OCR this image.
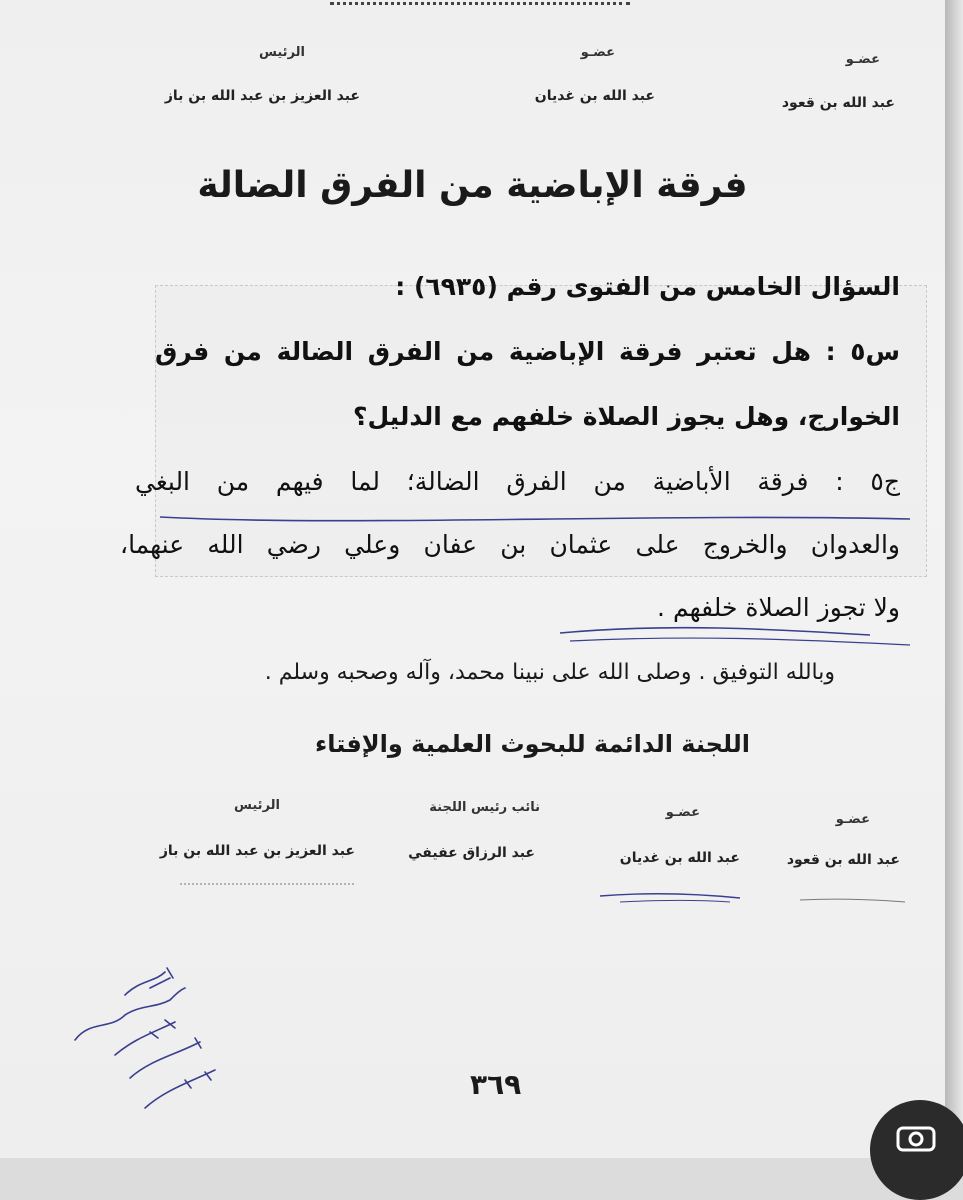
عضـو
عبد الله بن قعود
عضـو
عبد الله بن غديان
الرئيس
عبد العزيز بن عبد الله بن باز
فرقة الإباضية من الفرق الضالة
السؤال الخامس من الفتوى رقم (٦٩٣٥) :
س٥ : هل تعتبر فرقة الإباضية من الفرق الضالة من فرق
الخوارج، وهل يجوز الصلاة خلفهم مع الدليل؟
ج٥ : فرقة الأباضية من الفرق الضالة؛ لما فيهم من البغي
والعدوان والخروج على عثمان بن عفان وعلي رضي الله عنهما،
ولا تجوز الصلاة خلفهم .
وبالله التوفيق . وصلى الله على نبينا محمد، وآله وصحبه وسلم .
اللجنة الدائمة للبحوث العلمية والإفتاء
عضـو
عبد الله بن قعود
عضـو
عبد الله بن غديان
نائب رئيس اللجنة
عبد الرزاق عفيفي
الرئيس
عبد العزيز بن عبد الله بن باز
٣٦٩
